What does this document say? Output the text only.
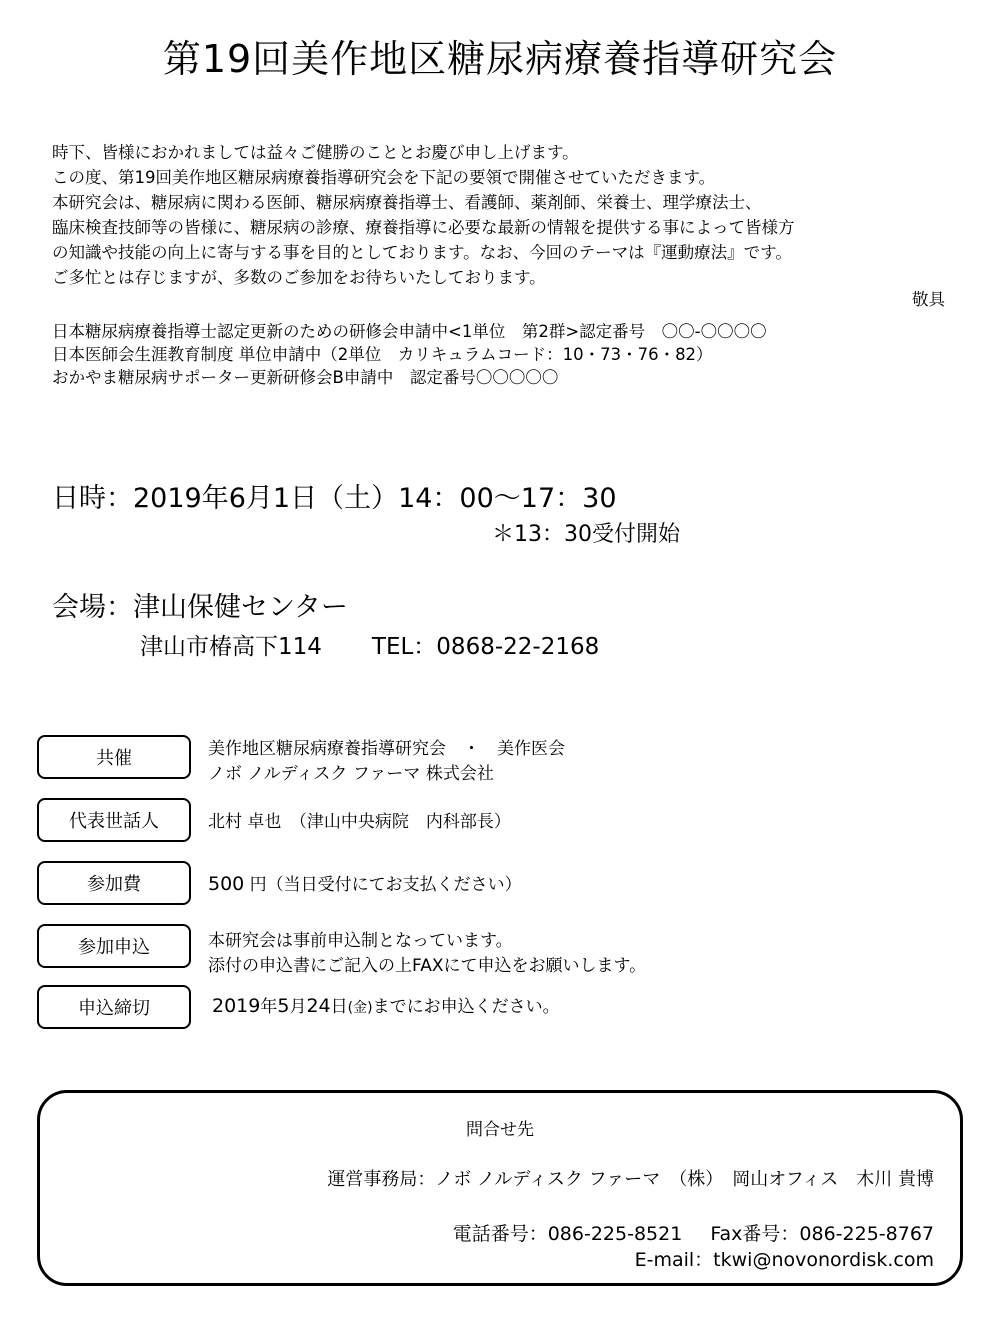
第19回美作地区糖尿病療養指導研究会
時下、皆様におかれましては益々ご健勝のこととお慶び申し上げます。
この度、第19回美作地区糖尿病療養指導研究会を下記の要領で開催させていただきます。
本研究会は、糖尿病に関わる医師、糖尿病療養指導士、看護師、薬剤師、栄養士、理学療法士、
臨床検査技師等の皆様に、糖尿病の診療、療養指導に必要な最新の情報を提供する事によって皆様方
の知識や技能の向上に寄与する事を目的としております。なお、今回のテーマは『運動療法』です。
ご多忙とは存じますが、多数のご参加をお待ちいたしております。
敬具
日本糖尿病療養指導士認定更新のための研修会申請中<1単位　第2群>認定番号　〇〇-〇〇〇〇
日本医師会生涯教育制度 単位申請中（2単位　カリキュラムコード：10・73・76・82）
おかやま糖尿病サポーター更新研修会B申請中　認定番号〇〇〇〇〇
日時：2019年6月1日（土）14：00～17：30
＊13：30受付開始
会場：津山保健センター
津山市椿高下114 TEL：0868-22-2168
共催	美作地区糖尿病療養指導研究会　・　美作医会
ノボ ノルディスク ファーマ 株式会社
代表世話人	北村 卓也　（津山中央病院　内科部長）
参加費	500 円（当日受付にてお支払ください）
参加申込	本研究会は事前申込制となっています。
添付の申込書にご記入の上FAXにて申込をお願いします。
申込締切	2019年5月24日(金)までにお申込ください。
問合せ先
運営事務局：ノボ ノルディスク ファーマ　（株）　岡山オフィス　木川 貴博
電話番号：086-225-8521 Fax番号：086-225-8767
E-mail：tkwi@novonordisk.com
